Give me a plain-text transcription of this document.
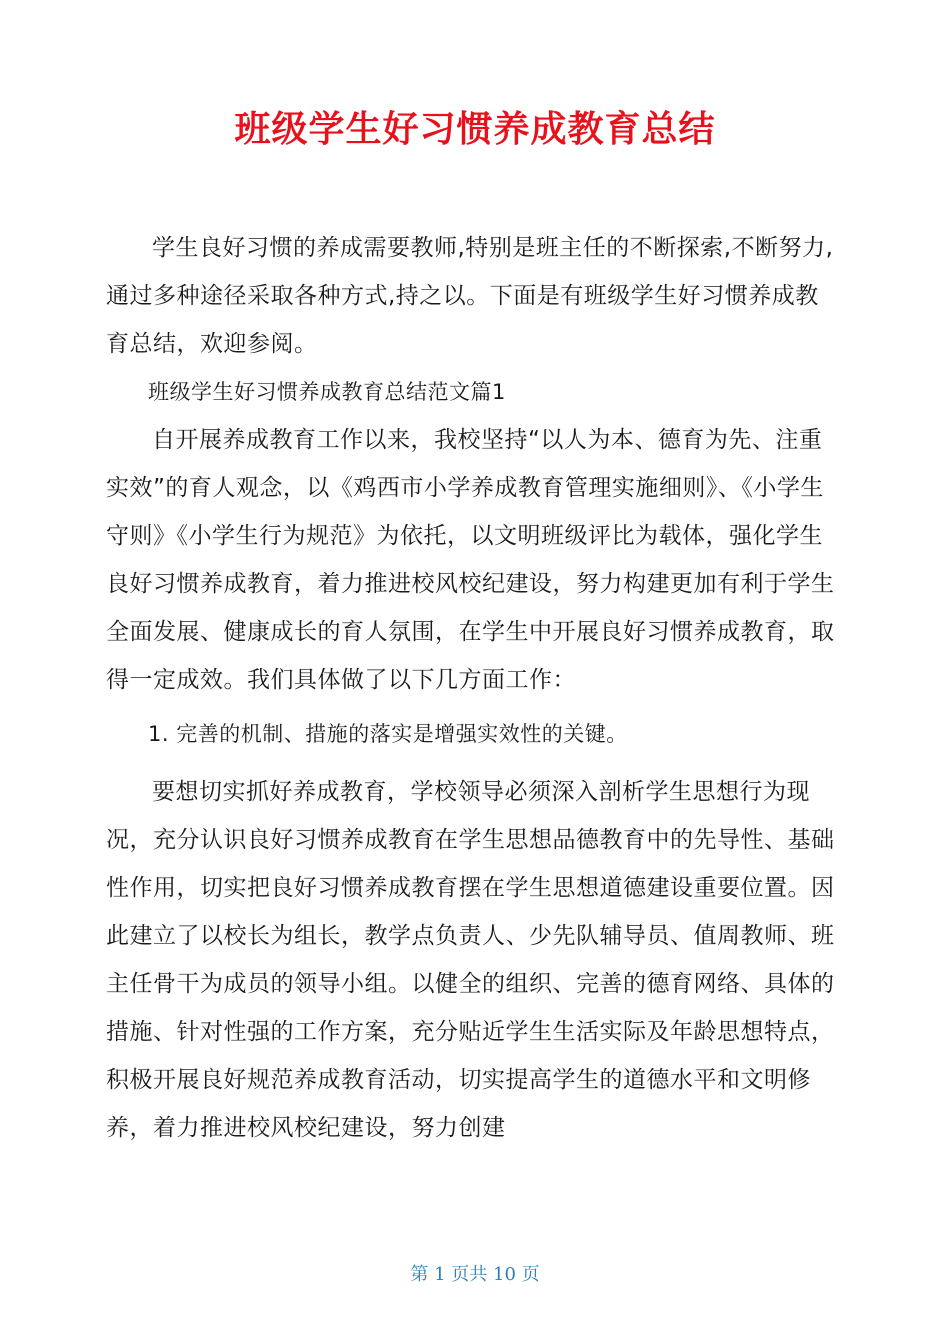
班级学生好习惯养成教育总结

学生良好习惯的养成需要教师,特别是班主任的不断探索,不断努力,通过多种途径采取各种方式,持之以。下面是有班级学生好习惯养成教育总结，欢迎参阅。

班级学生好习惯养成教育总结范文篇1

自开展养成教育工作以来，我校坚持“以人为本、德育为先、注重实效”的育人观念，以《鸡西市小学养成教育管理实施细则》、《小学生守则》《小学生行为规范》为依托，以文明班级评比为载体，强化学生良好习惯养成教育，着力推进校风校纪建设，努力构建更加有利于学生全面发展、健康成长的育人氛围，在学生中开展良好习惯养成教育，取得一定成效。我们具体做了以下几方面工作：

1. 完善的机制、措施的落实是增强实效性的关键。

要想切实抓好养成教育，学校领导必须深入剖析学生思想行为现况，充分认识良好习惯养成教育在学生思想品德教育中的先导性、基础性作用，切实把良好习惯养成教育摆在学生思想道德建设重要位置。因此建立了以校长为组长，教学点负责人、少先队辅导员、值周教师、班主任骨干为成员的领导小组。以健全的组织、完善的德育网络、具体的措施、针对性强的工作方案，充分贴近学生生活实际及年龄思想特点，积极开展良好规范养成教育活动，切实提高学生的道德水平和文明修养，着力推进校风校纪建设，努力创建

第 1 页共 10 页
